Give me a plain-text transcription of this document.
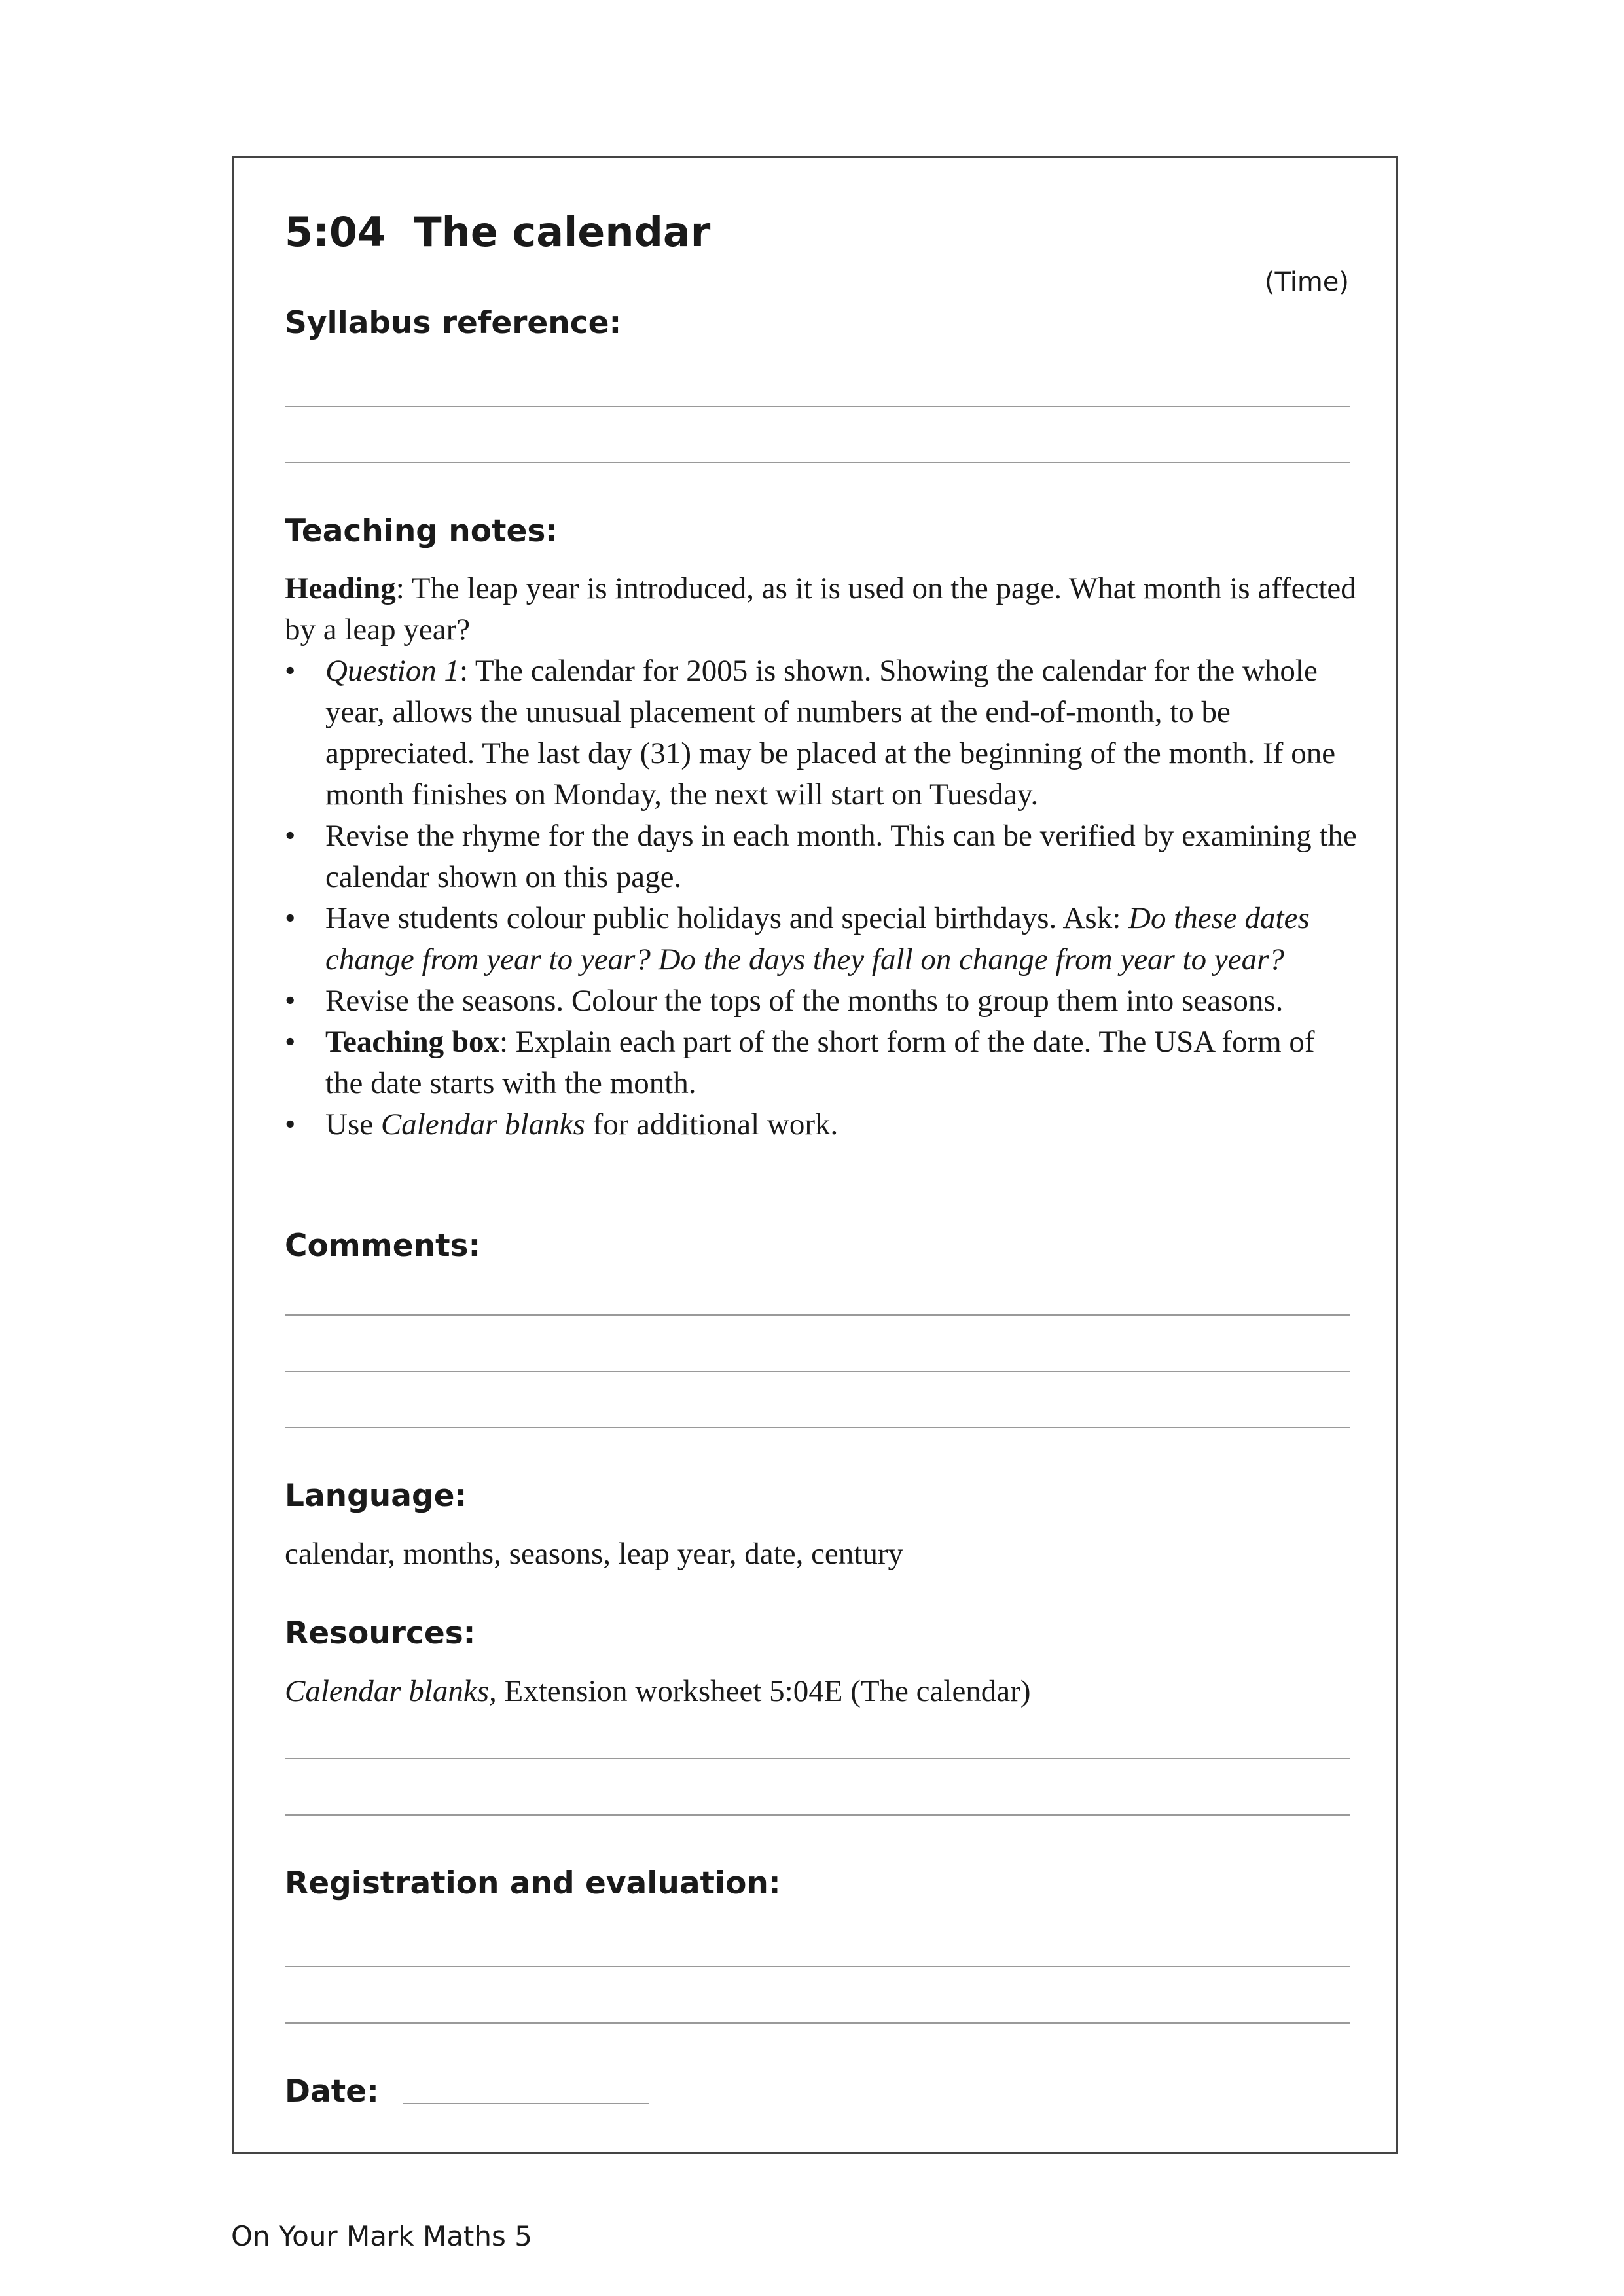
5:04  The calendar
(Time)
Syllabus reference:
Teaching notes:

Heading: The leap year is introduced, as it is used on the page. What month is affected by a leap year?

• Question 1: The calendar for 2005 is shown. Showing the calendar for the whole year, allows the unusual placement of numbers at the end-of-month, to be appreciated. The last day (31) may be placed at the beginning of the month. If one month finishes on Monday, the next will start on Tuesday.
• Revise the rhyme for the days in each month. This can be verified by examining the calendar shown on this page.
• Have students colour public holidays and special birthdays. Ask: Do these dates change from year to year? Do the days they fall on change from year to year?
• Revise the seasons. Colour the tops of the months to group them into seasons.
• Teaching box: Explain each part of the short form of the date. The USA form of the date starts with the month.
• Use Calendar blanks for additional work.
Comments:
Language:
calendar, months, seasons, leap year, date, century
Resources:
Calendar blanks, Extension worksheet 5:04E (The calendar)
Registration and evaluation:
Date:
On Your Mark Maths 5
